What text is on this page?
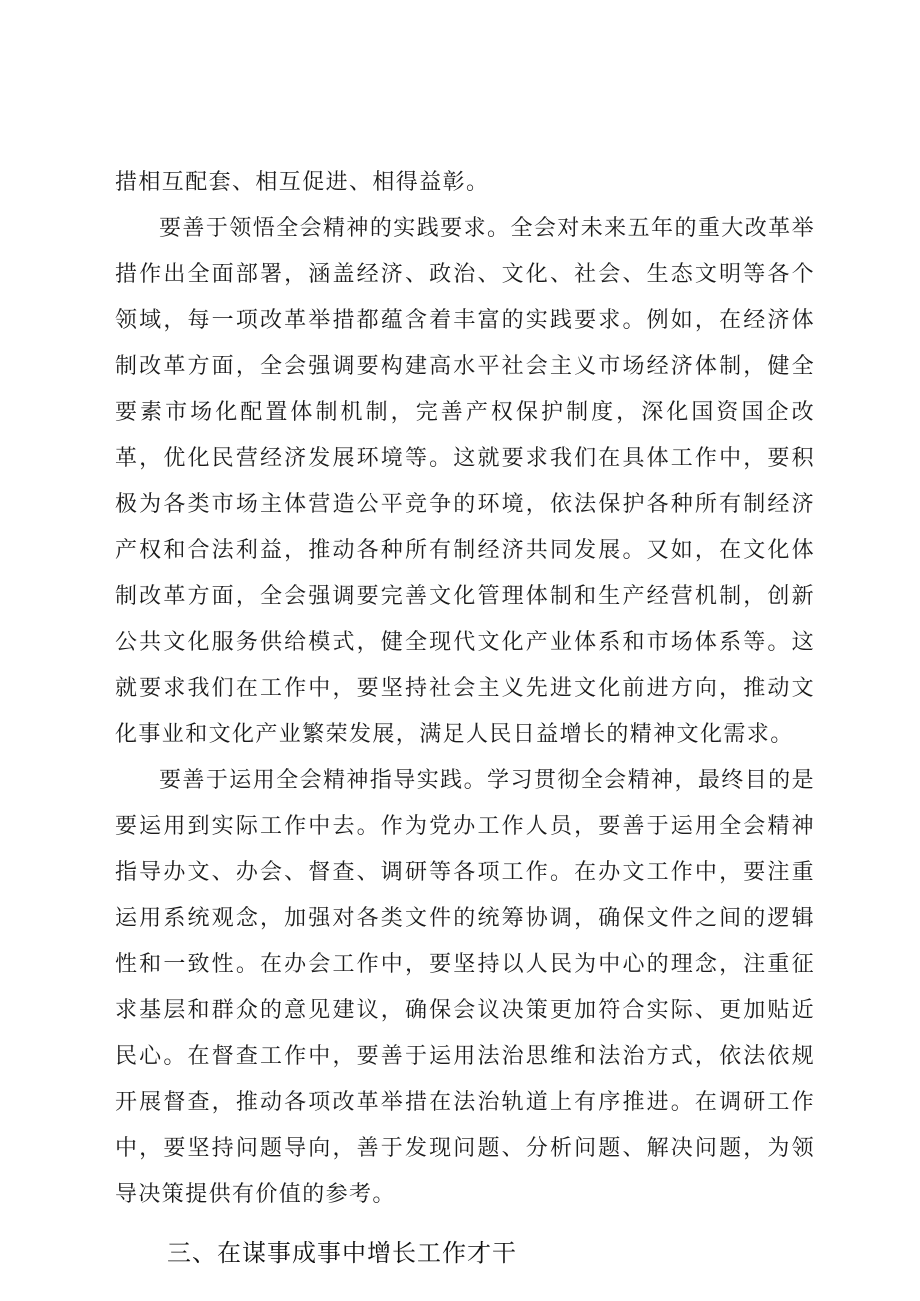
措相互配套、相互促进、相得益彰。

要善于领悟全会精神的实践要求。全会对未来五年的重大改革举措作出全面部署，涵盖经济、政治、文化、社会、生态文明等各个领域，每一项改革举措都蕴含着丰富的实践要求。例如，在经济体制改革方面，全会强调要构建高水平社会主义市场经济体制，健全要素市场化配置体制机制，完善产权保护制度，深化国资国企改革，优化民营经济发展环境等。这就要求我们在具体工作中，要积极为各类市场主体营造公平竞争的环境，依法保护各种所有制经济产权和合法利益，推动各种所有制经济共同发展。又如，在文化体制改革方面，全会强调要完善文化管理体制和生产经营机制，创新公共文化服务供给模式，健全现代文化产业体系和市场体系等。这就要求我们在工作中，要坚持社会主义先进文化前进方向，推动文化事业和文化产业繁荣发展，满足人民日益增长的精神文化需求。

要善于运用全会精神指导实践。学习贯彻全会精神，最终目的是要运用到实际工作中去。作为党办工作人员，要善于运用全会精神指导办文、办会、督查、调研等各项工作。在办文工作中，要注重运用系统观念，加强对各类文件的统筹协调，确保文件之间的逻辑性和一致性。在办会工作中，要坚持以人民为中心的理念，注重征求基层和群众的意见建议，确保会议决策更加符合实际、更加贴近民心。在督查工作中，要善于运用法治思维和法治方式，依法依规开展督查，推动各项改革举措在法治轨道上有序推进。在调研工作中，要坚持问题导向，善于发现问题、分析问题、解决问题，为领导决策提供有价值的参考。

三、在谋事成事中增长工作才干
